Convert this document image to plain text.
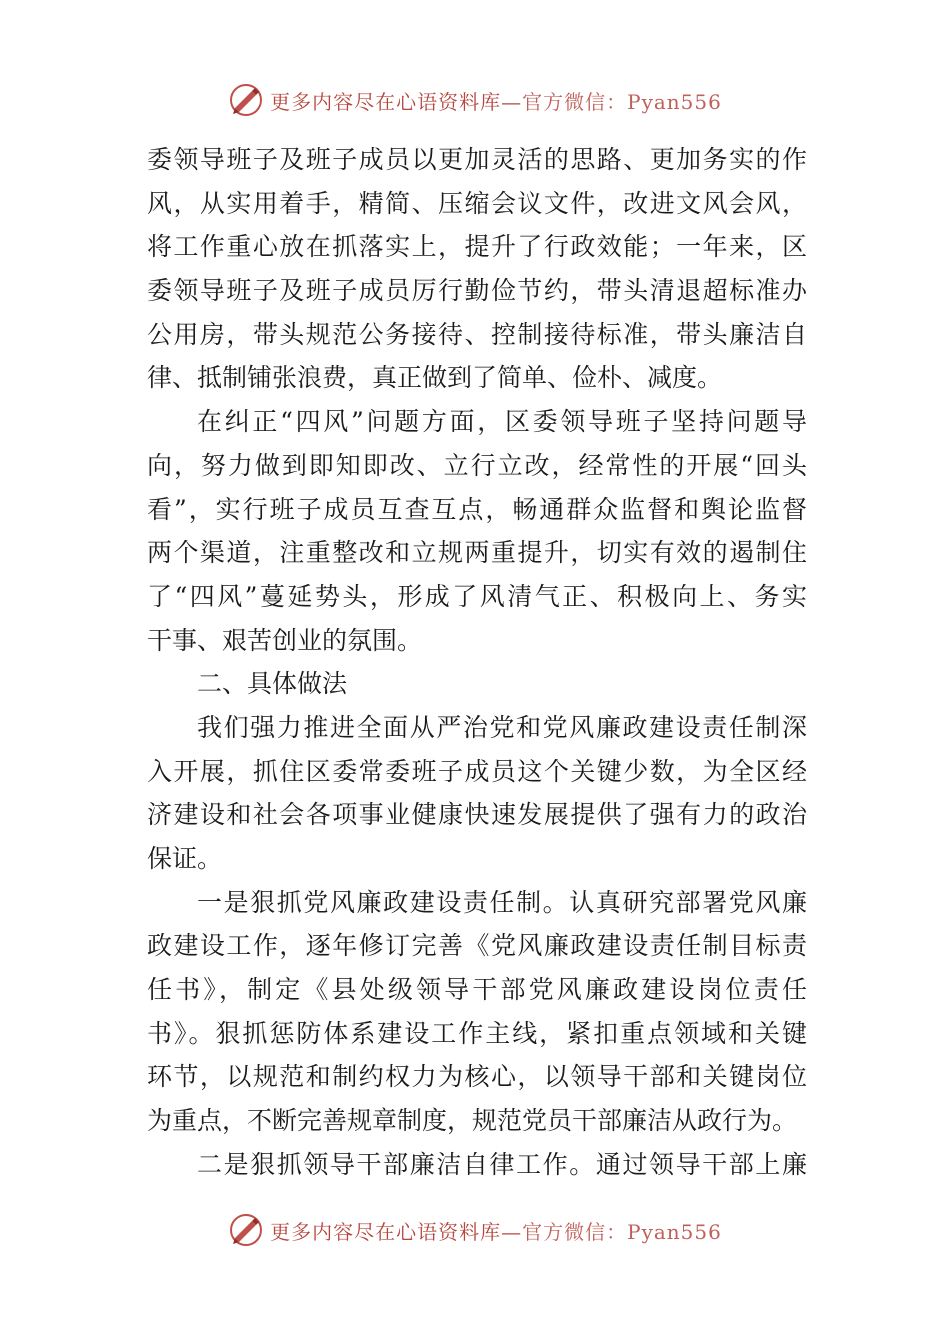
更多内容尽在心语资料库—官方微信：Pyan556
委领导班子及班子成员以更加灵活的思路、更加务实的作
风，从实用着手，精简、压缩会议文件，改进文风会风，
将工作重心放在抓落实上，提升了行政效能；一年来，区
委领导班子及班子成员厉行勤俭节约，带头清退超标准办
公用房，带头规范公务接待、控制接待标准，带头廉洁自
律、抵制铺张浪费，真正做到了简单、俭朴、减度。
在纠正“四风”问题方面，区委领导班子坚持问题导
向，努力做到即知即改、立行立改，经常性的开展“回头
看”，实行班子成员互查互点，畅通群众监督和舆论监督
两个渠道，注重整改和立规两重提升，切实有效的遏制住
了“四风”蔓延势头，形成了风清气正、积极向上、务实
干事、艰苦创业的氛围。
二、具体做法
我们强力推进全面从严治党和党风廉政建设责任制深
入开展，抓住区委常委班子成员这个关键少数，为全区经
济建设和社会各项事业健康快速发展提供了强有力的政治
保证。
一是狠抓党风廉政建设责任制。认真研究部署党风廉
政建设工作，逐年修订完善《党风廉政建设责任制目标责
任书》，制定《县处级领导干部党风廉政建设岗位责任
书》。狠抓惩防体系建设工作主线，紧扣重点领域和关键
环节，以规范和制约权力为核心，以领导干部和关键岗位
为重点，不断完善规章制度，规范党员干部廉洁从政行为。
二是狠抓领导干部廉洁自律工作。通过领导干部上廉
更多内容尽在心语资料库—官方微信：Pyan556
